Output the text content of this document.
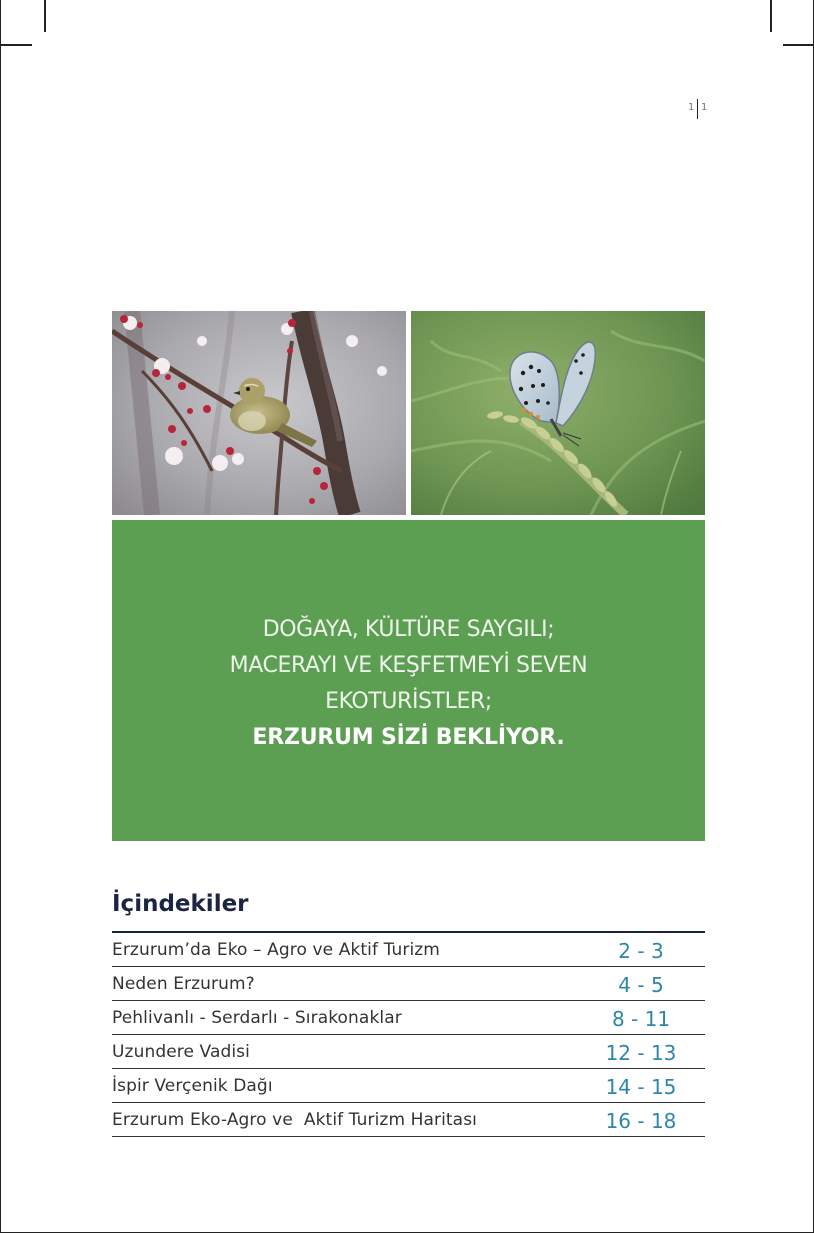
1 1
DOĞAYA, KÜLTÜRE SAYGILI;
MACERAYI VE KEŞFETMEYİ SEVEN
EKOTURİSTLER;
ERZURUM SİZİ BEKLİYOR.
İçindekiler
Erzurum’da Eko – Agro ve Aktif Turizm	2 - 3
Neden Erzurum?	4 - 5
Pehlivanlı - Serdarlı - Sırakonaklar	8 - 11
Uzundere Vadisi	12 - 13
İspir Verçenik Dağı	14 - 15
Erzurum Eko-Agro ve  Aktif Turizm Haritası	16 - 18
